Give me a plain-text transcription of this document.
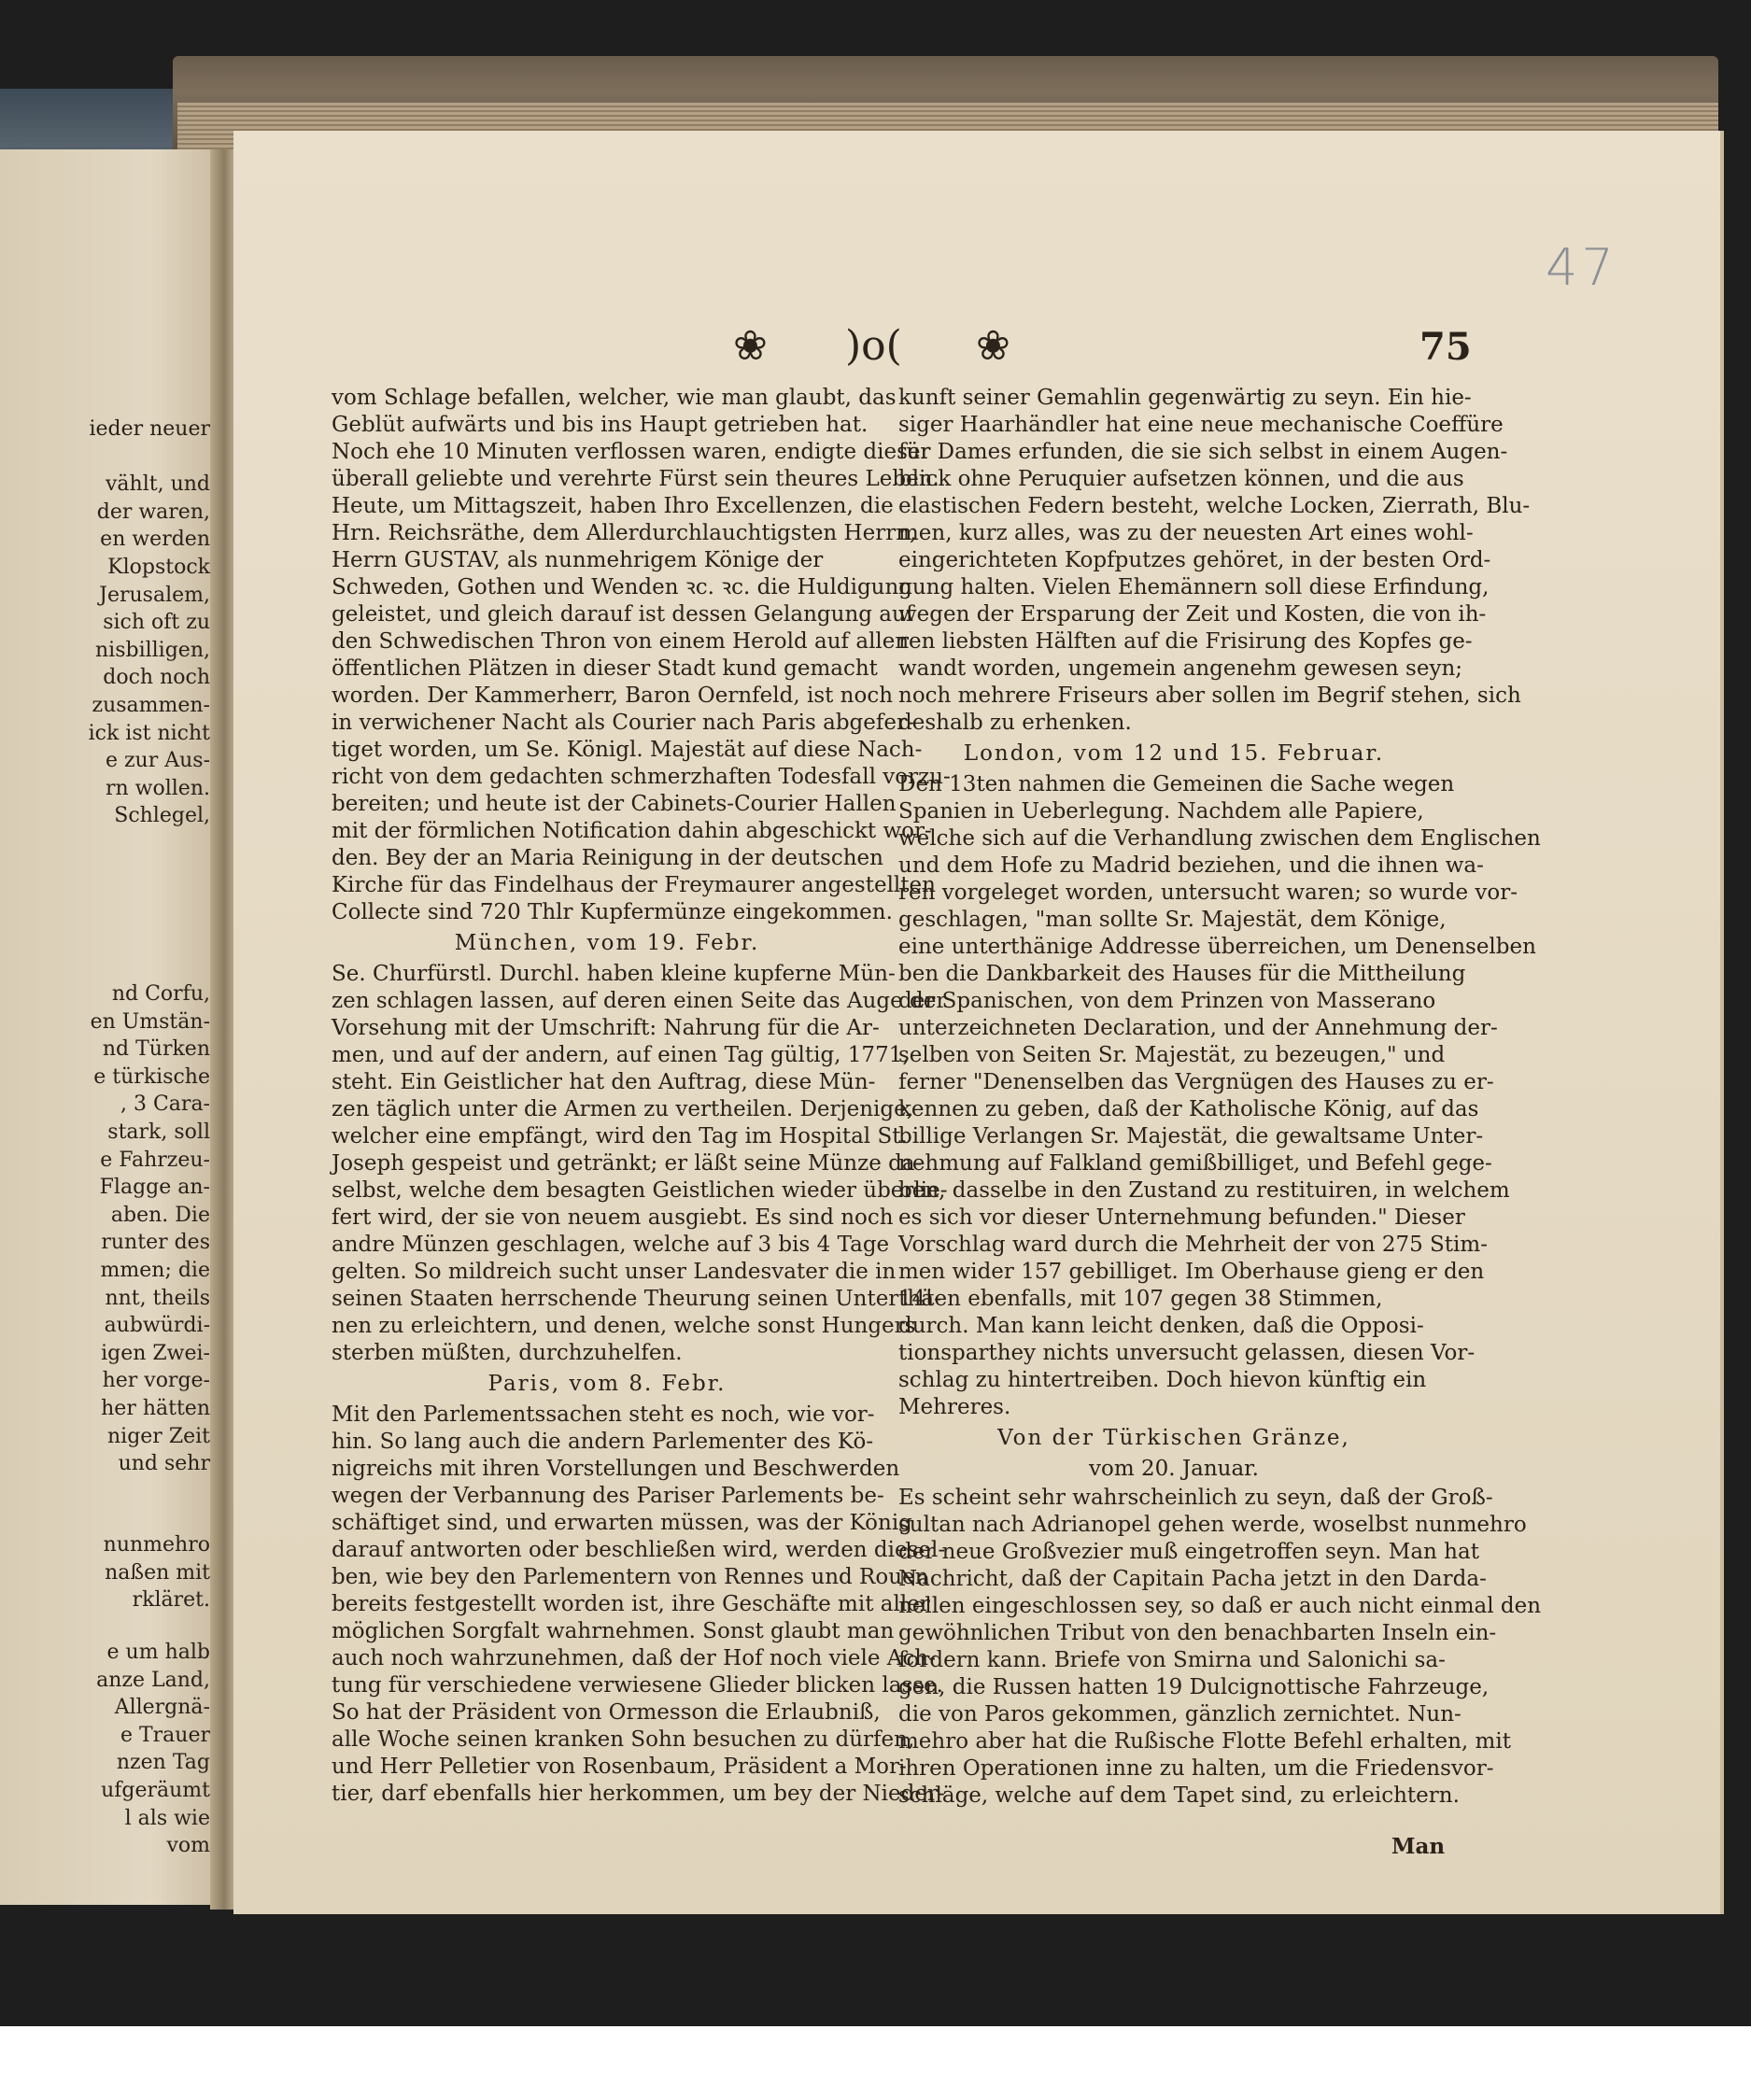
47
❀ )o( ❀	75
ieder neuer
vählt, und
der waren,
en werden
Klopstock
Jerusalem,
sich oft zu
nisbilligen,
doch noch
zusammen-
ick ist nicht
e zur Aus-
rn wollen.
Schlegel,
nd Corfu,
en Umstän-
nd Türken
e türkische
, 3 Cara-
stark, soll
e Fahrzeu-
Flagge an-
aben. Die
runter des
mmen; die
nnt, theils
aubwürdi-
igen Zwei-
her vorge-
her hätten
niger Zeit
und sehr
nunmehro
naßen mit
rkläret.
e um halb
anze Land,
Allergnä-
e Trauer
nzen Tag
ufgeräumt
l als wie
vom
vom Schlage befallen, welcher, wie man glaubt, das
Geblüt aufwärts und bis ins Haupt getrieben hat.
Noch ehe 10 Minuten verflossen waren, endigte dieser
überall geliebte und verehrte Fürst sein theures Leben.
Heute, um Mittagszeit, haben Ihro Excellenzen, die
Hrn. Reichsräthe, dem Allerdurchlauchtigsten Herrn,
Herrn GUSTAV, als nunmehrigem Könige der
Schweden, Gothen und Wenden ꝛc. ꝛc. die Huldigung
geleistet, und gleich darauf ist dessen Gelangung auf
den Schwedischen Thron von einem Herold auf allen
öffentlichen Plätzen in dieser Stadt kund gemacht
worden. Der Kammerherr, Baron Oernfeld, ist noch
in verwichener Nacht als Courier nach Paris abgefer-
tiget worden, um Se. Königl. Majestät auf diese Nach-
richt von dem gedachten schmerzhaften Todesfall vorzu-
bereiten; und heute ist der Cabinets-Courier Hallen
mit der förmlichen Notification dahin abgeschickt wor-
den. Bey der an Maria Reinigung in der deutschen
Kirche für das Findelhaus der Freymaurer angestellten
Collecte sind 720 Thlr Kupfermünze eingekommen.
München, vom 19. Febr.
Se. Churfürstl. Durchl. haben kleine kupferne Mün-
zen schlagen lassen, auf deren einen Seite das Auge der
Vorsehung mit der Umschrift: Nahrung für die Ar-
men, und auf der andern, auf einen Tag gültig, 1771,
steht. Ein Geistlicher hat den Auftrag, diese Mün-
zen täglich unter die Armen zu vertheilen. Derjenige,
welcher eine empfängt, wird den Tag im Hospital St.
Joseph gespeist und getränkt; er läßt seine Münze da-
selbst, welche dem besagten Geistlichen wieder überlie-
fert wird, der sie von neuem ausgiebt. Es sind noch
andre Münzen geschlagen, welche auf 3 bis 4 Tage
gelten. So mildreich sucht unser Landesvater die in
seinen Staaten herrschende Theurung seinen Unterthä-
nen zu erleichtern, und denen, welche sonst Hungers
sterben müßten, durchzuhelfen.
Paris, vom 8. Febr.
Mit den Parlementssachen steht es noch, wie vor-
hin. So lang auch die andern Parlementer des Kö-
nigreichs mit ihren Vorstellungen und Beschwerden
wegen der Verbannung des Pariser Parlements be-
schäftiget sind, und erwarten müssen, was der König
darauf antworten oder beschließen wird, werden diesel-
ben, wie bey den Parlementern von Rennes und Rouen
bereits festgestellt worden ist, ihre Geschäfte mit aller
möglichen Sorgfalt wahrnehmen. Sonst glaubt man
auch noch wahrzunehmen, daß der Hof noch viele Ach-
tung für verschiedene verwiesene Glieder blicken lasse.
So hat der Präsident von Ormesson die Erlaubniß,
alle Woche seinen kranken Sohn besuchen zu dürfen,
und Herr Pelletier von Rosenbaum, Präsident a Mor-
tier, darf ebenfalls hier herkommen, um bey der Nieder-
kunft seiner Gemahlin gegenwärtig zu seyn. Ein hie-
siger Haarhändler hat eine neue mechanische Coeffüre
für Dames erfunden, die sie sich selbst in einem Augen-
blick ohne Peruquier aufsetzen können, und die aus
elastischen Federn besteht, welche Locken, Zierrath, Blu-
men, kurz alles, was zu der neuesten Art eines wohl-
eingerichteten Kopfputzes gehöret, in der besten Ord-
nung halten. Vielen Ehemännern soll diese Erfindung,
wegen der Ersparung der Zeit und Kosten, die von ih-
ren liebsten Hälften auf die Frisirung des Kopfes ge-
wandt worden, ungemein angenehm gewesen seyn;
noch mehrere Friseurs aber sollen im Begrif stehen, sich
deshalb zu erhenken.
London, vom 12 und 15. Februar.
Den 13ten nahmen die Gemeinen die Sache wegen
Spanien in Ueberlegung. Nachdem alle Papiere,
welche sich auf die Verhandlung zwischen dem Englischen
und dem Hofe zu Madrid beziehen, und die ihnen wa-
ren vorgeleget worden, untersucht waren; so wurde vor-
geschlagen, "man sollte Sr. Majestät, dem Könige,
eine unterthänige Addresse überreichen, um Denenselben
ben die Dankbarkeit des Hauses für die Mittheilung
der Spanischen, von dem Prinzen von Masserano
unterzeichneten Declaration, und der Annehmung der-
selben von Seiten Sr. Majestät, zu bezeugen," und
ferner "Denenselben das Vergnügen des Hauses zu er-
kennen zu geben, daß der Katholische König, auf das
billige Verlangen Sr. Majestät, die gewaltsame Unter-
nehmung auf Falkland gemißbilliget, und Befehl gege-
ben, dasselbe in den Zustand zu restituiren, in welchem
es sich vor dieser Unternehmung befunden." Dieser
Vorschlag ward durch die Mehrheit der von 275 Stim-
men wider 157 gebilliget. Im Oberhause gieng er den
14ten ebenfalls, mit 107 gegen 38 Stimmen,
durch. Man kann leicht denken, daß die Opposi-
tionsparthey nichts unversucht gelassen, diesen Vor-
schlag zu hintertreiben. Doch hievon künftig ein
Mehreres.
Von der Türkischen Gränze,
vom 20. Januar.
Es scheint sehr wahrscheinlich zu seyn, daß der Groß-
sultan nach Adrianopel gehen werde, woselbst nunmehro
der neue Großvezier muß eingetroffen seyn. Man hat
Nachricht, daß der Capitain Pacha jetzt in den Darda-
nellen eingeschlossen sey, so daß er auch nicht einmal den
gewöhnlichen Tribut von den benachbarten Inseln ein-
fordern kann. Briefe von Smirna und Salonichi sa-
gen, die Russen hatten 19 Dulcignottische Fahrzeuge,
die von Paros gekommen, gänzlich zernichtet. Nun-
mehro aber hat die Rußische Flotte Befehl erhalten, mit
ihren Operationen inne zu halten, um die Friedensvor-
schläge, welche auf dem Tapet sind, zu erleichtern.
Man
